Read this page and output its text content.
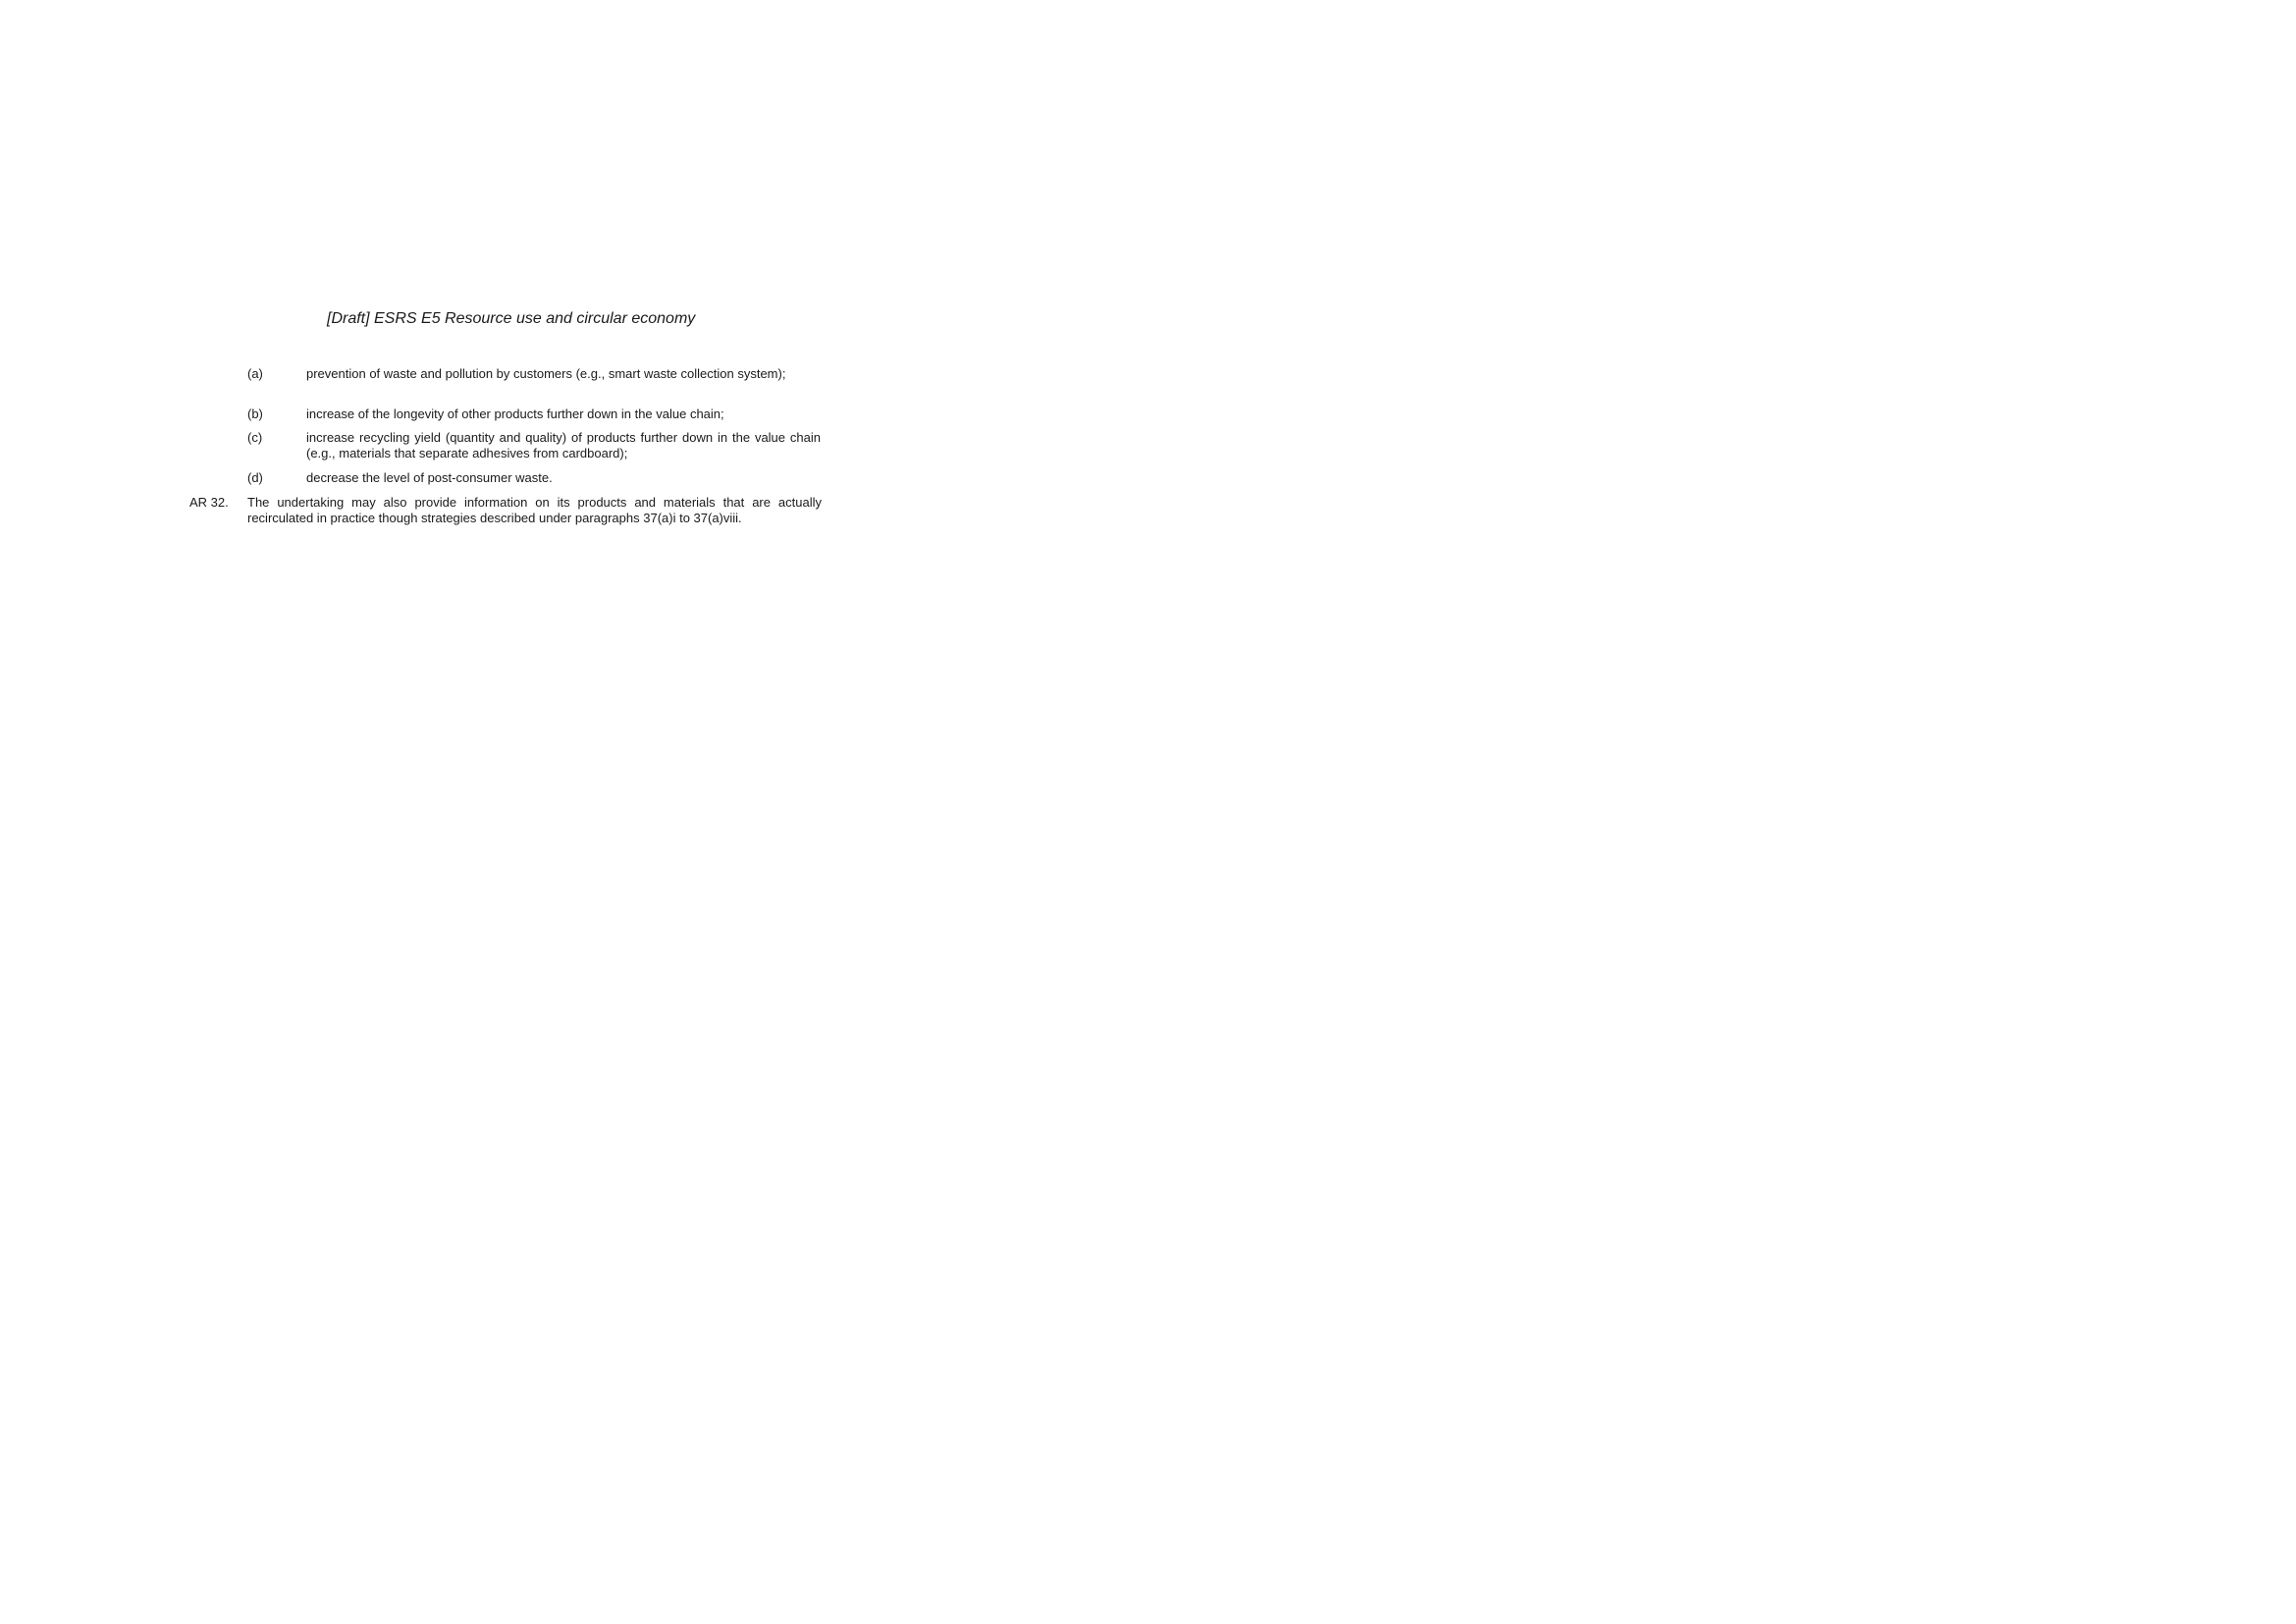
[Draft] ESRS E5 Resource use and circular economy
(a)	prevention of waste and pollution by customers (e.g., smart waste collection system);
(b)	increase of the longevity of other products further down in the value chain;
(c)	increase recycling yield (quantity and quality) of products further down in the value chain (e.g., materials that separate adhesives from cardboard);
(d)	decrease the level of post-consumer waste.
AR 32. The undertaking may also provide information on its products and materials that are actually recirculated in practice though strategies described under paragraphs 37(a)i to 37(a)viii.
